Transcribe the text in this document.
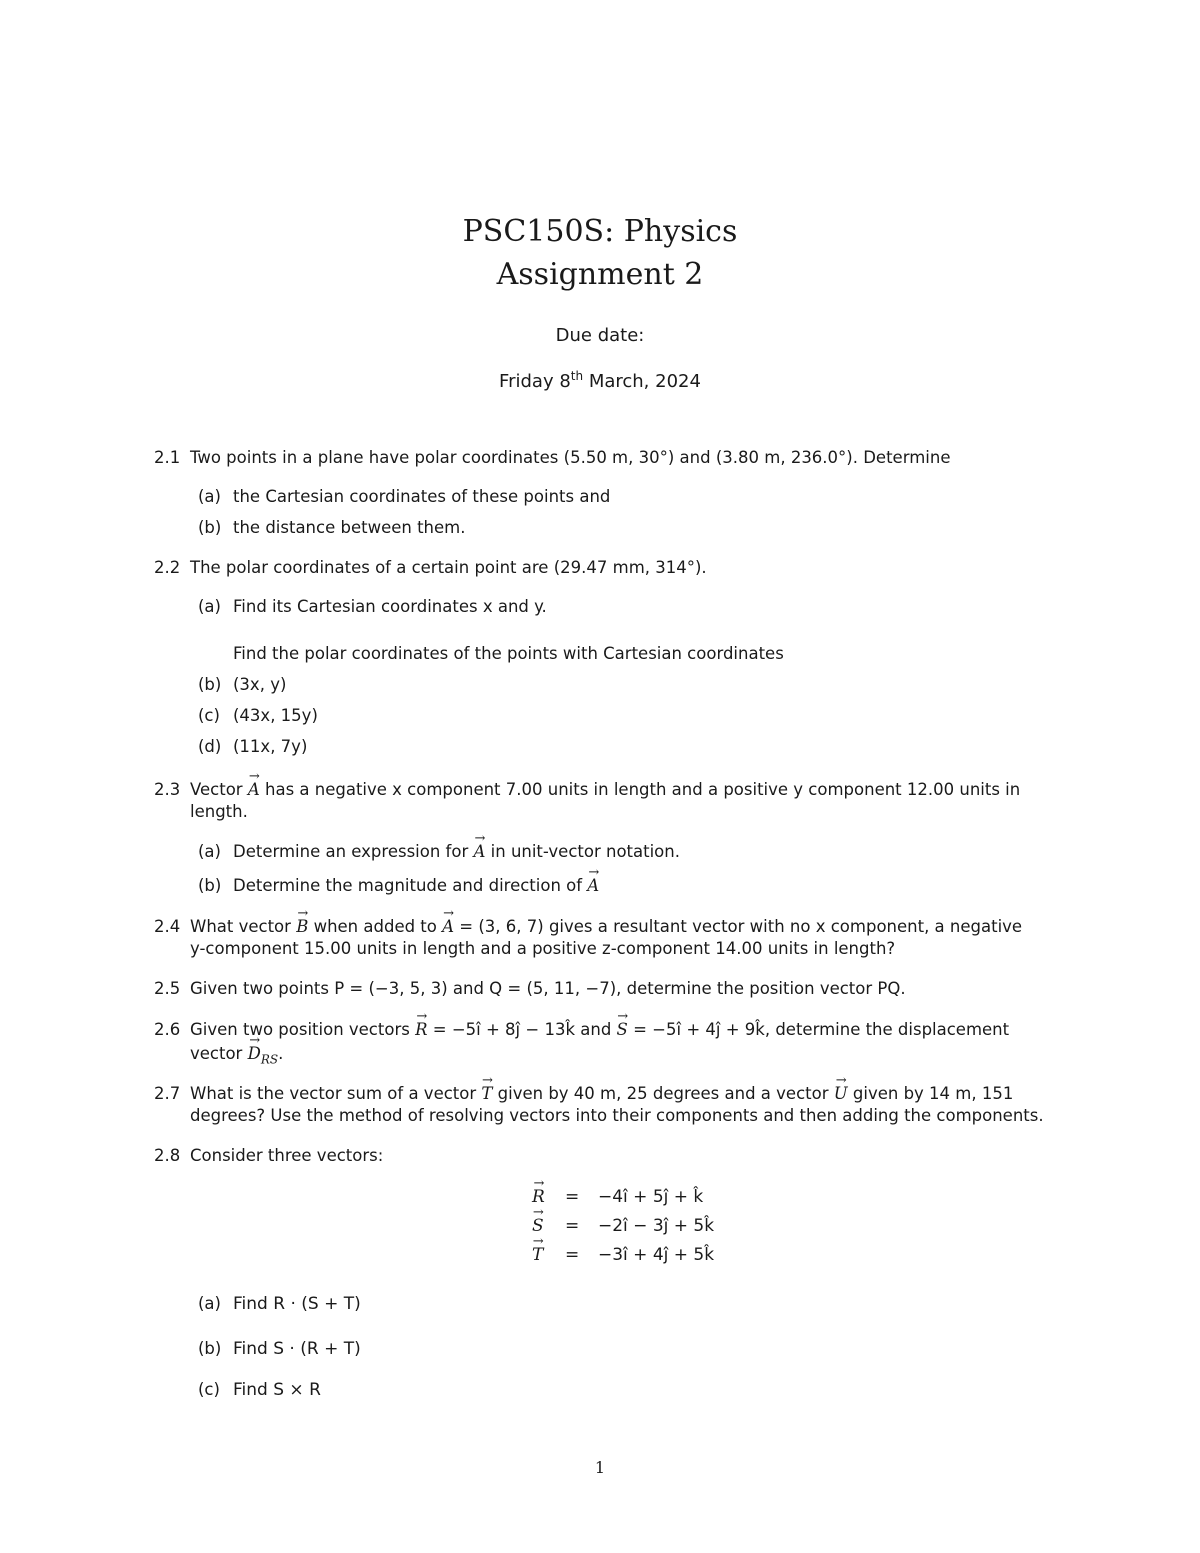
PSC150S: Physics
Assignment 2
Due date:
Friday 8th March, 2024
2.1 Two points in a plane have polar coordinates (5.50 m, 30°) and (3.80 m, 236.0°). Determine
(a) the Cartesian coordinates of these points and
(b) the distance between them.
2.2 The polar coordinates of a certain point are (29.47 mm, 314°).
(a) Find its Cartesian coordinates x and y.
Find the polar coordinates of the points with Cartesian coordinates
(b) (3x, y)
(c) (43x, 15y)
(d) (11x, 7y)
2.3 Vector → A has a negative x component 7.00 units in length and a positive y component 12.00 units in
length.
(a) Determine an expression for → A in unit-vector notation.
(b) Determine the magnitude and direction of → A
2.4 What vector → B when added to → A = (3, 6, 7) gives a resultant vector with no x component, a negative
y-component 15.00 units in length and a positive z-component 14.00 units in length?
2.5 Given two points P = (−3, 5, 3) and Q = (5, 11, −7), determine the position vector PQ.
2.6 Given two position vectors → R = −5î + 8ĵ − 13k̂ and → S = −5î + 4ĵ + 9k̂, determine the displacement
vector → $D_{RS}$.
2.7 What is the vector sum of a vector → T given by 40 m, 25 degrees and a vector → U given by 14 m, 151
degrees? Use the method of resolving vectors into their components and then adding the components.
2.8 Consider three vectors:
→ R = −4î + 5ĵ + k̂
→ S = −2î − 3ĵ + 5k̂
→ T = −3î + 4ĵ + 5k̂
(a) Find R · (S + T)
(b) Find S · (R + T)
(c) Find S × R
1
